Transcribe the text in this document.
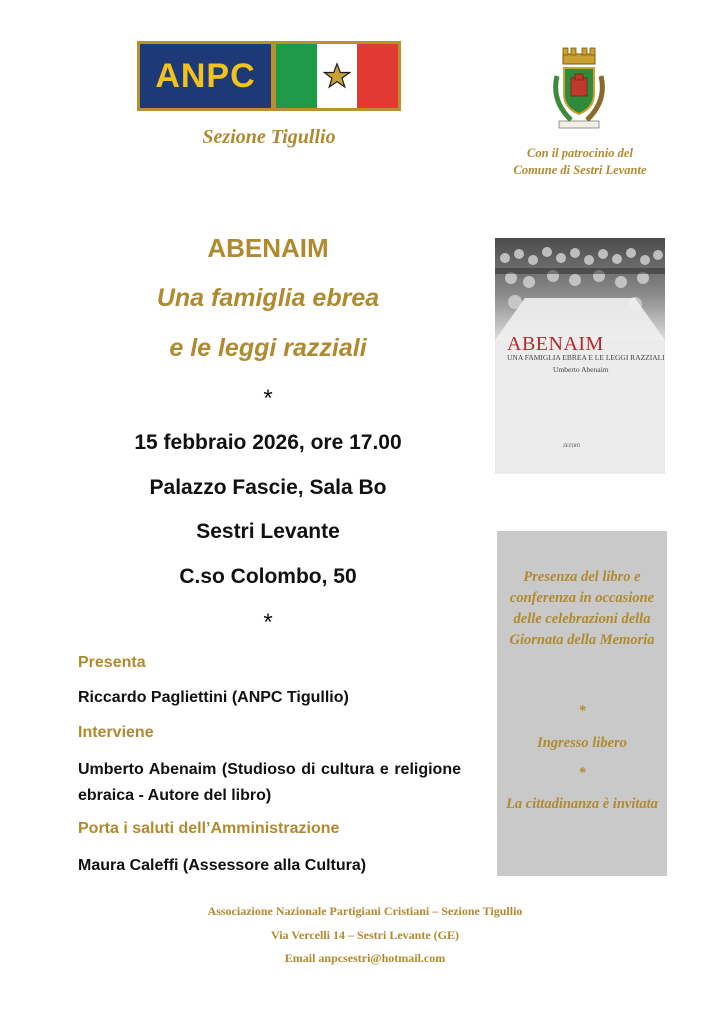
ANPC
Sezione Tigullio
Con il patrocinio del
Comune di Sestri Levante
ABENAIM
Una famiglia ebrea
e le leggi razziali
*
15 febbraio 2026, ore 17.00
Palazzo Fascie, Sala Bo
Sestri Levante
C.so Colombo, 50
*
Presenta
Riccardo Pagliettini (ANPC Tigullio)
Interviene
Umberto Abenaim (Studioso di cultura e religione ebraica - Autore del libro)
Porta i saluti dell’Amministrazione
Maura Caleffi (Assessore alla Cultura)
ABENAIM
UNA FAMIGLIA EBREA E LE LEGGI RAZZIALI
Umberto Abenaim
ZEFIRO
Presenza del libro e conferenza in occasione delle celebrazioni della Giornata della Memoria
*
Ingresso libero
*
La cittadinanza è invitata
Associazione Nazionale Partigiani Cristiani – Sezione Tigullio
Via Vercelli 14 – Sestri Levante (GE)
Email anpcsestri@hotmail.com
